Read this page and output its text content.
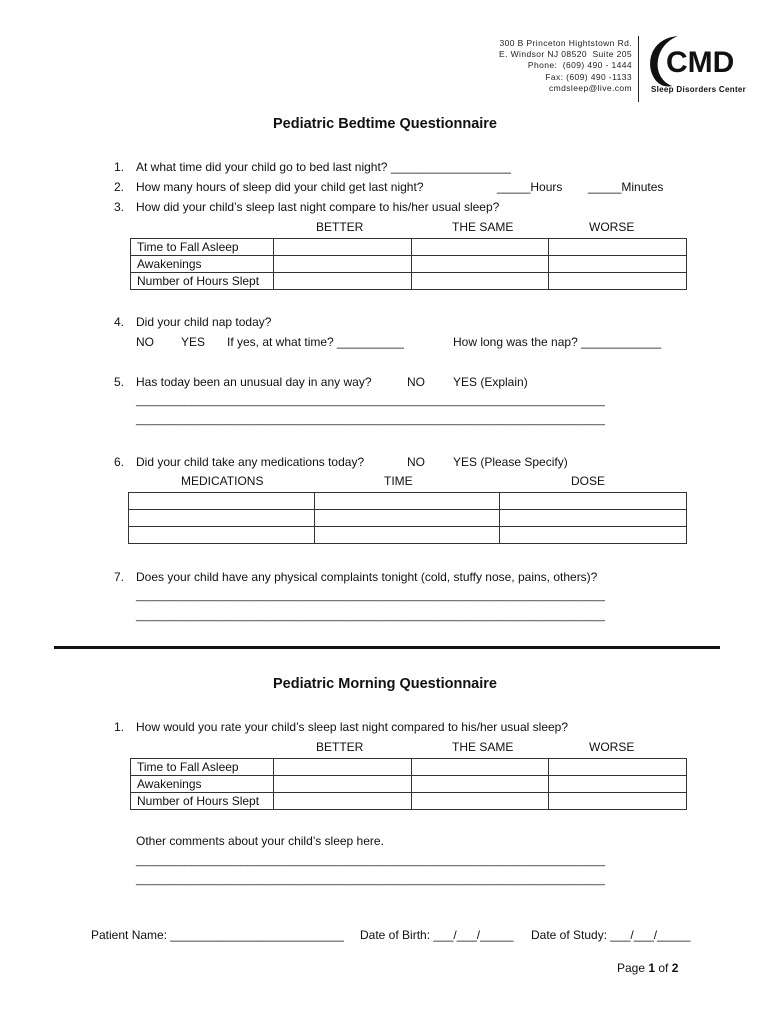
300 B Princeton Hightstown Rd.
E. Windsor NJ 08520  Suite 205
Phone:  (609) 490 - 1444
Fax: (609) 490 -1133
cmdsleep@live.com
CMD
Sleep Disorders Center
Pediatric Bedtime Questionnaire
1. At what time did your child go to bed last night? __________________
2. How many hours of sleep did your child get last night?	_____Hours _____Minutes
3. How did your child’s sleep last night compare to his/her usual sleep?
BETTER	THE SAME	WORSE
Time to Fall Asleep			
Awakenings			
Number of Hours Slept			
4. Did your child nap today?
NO YES If yes, at what time? __________	How long was the nap? ____________
5. Has today been an unusual day in any way?	NO YES (Explain)
____________________________________________________________________________
____________________________________________________________________________
6. Did your child take any medications today?	NO YES (Please Specify)
MEDICATIONS	TIME	DOSE

7. Does your child have any physical complaints tonight (cold, stuffy nose, pains, others)?
____________________________________________________________________________
____________________________________________________________________________
Pediatric Morning Questionnaire
1. How would you rate your child’s sleep last night compared to his/her usual sleep?
BETTER	THE SAME	WORSE
Time to Fall Asleep			
Awakenings			
Number of Hours Slept			
Other comments about your child’s sleep here.
____________________________________________________________________________
____________________________________________________________________________
Patient Name: __________________________ Date of Birth: ___/___/_____ Date of Study: ___/___/_____
Page 1 of 2
